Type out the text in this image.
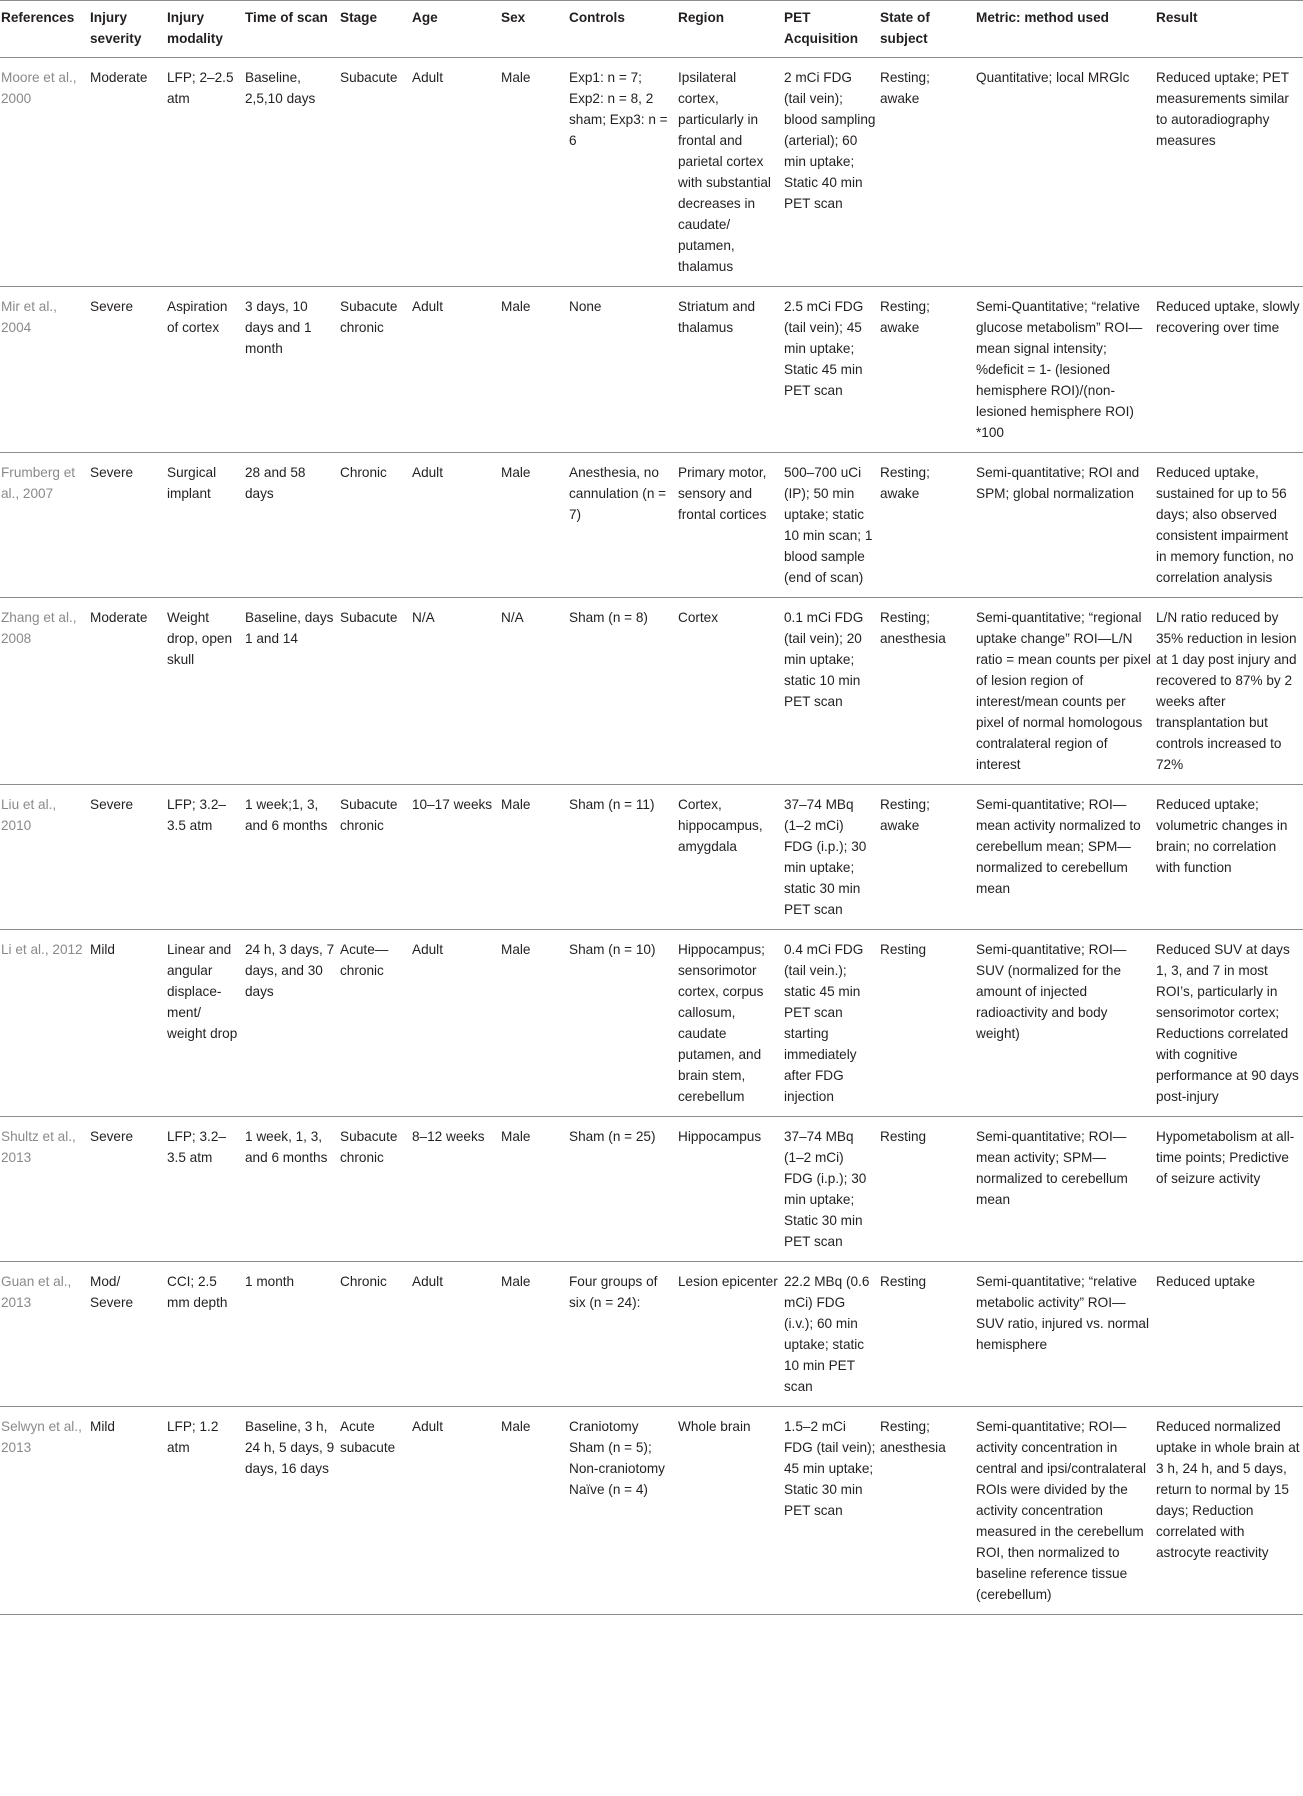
References	Injury severity	Injury modality	Time of scan	Stage	Age	Sex	Controls	Region	PET Acquisition	State of subject	Metric: method used	Result
Moore et al., 2000	Moderate	LFP; 2–2.5 atm	Baseline, 2,5,10 days	Subacute	Adult	Male	Exp1: n = 7; Exp2: n = 8, 2 sham; Exp3: n = 6	Ipsilateral cortex, particularly in frontal and parietal cortex with substantial decreases in caudate/ putamen, thalamus	2 mCi FDG (tail vein); blood sampling (arterial); 60 min uptake; Static 40 min PET scan	Resting; awake	Quantitative; local MRGlc	Reduced uptake; PET measurements similar to autoradiography measures
Mir et al., 2004	Severe	Aspiration of cortex	3 days, 10 days and 1 month	Subacute chronic	Adult	Male	None	Striatum and thalamus	2.5 mCi FDG (tail vein); 45 min uptake; Static 45 min PET scan	Resting; awake	Semi-Quantitative; “relative glucose metabolism” ROI—mean signal intensity; %deficit = 1- (lesioned hemisphere ROI)/(non-lesioned hemisphere ROI) *100	Reduced uptake, slowly recovering over time
Frumberg et al., 2007	Severe	Surgical implant	28 and 58 days	Chronic	Adult	Male	Anesthesia, no cannulation (n = 7)	Primary motor, sensory and frontal cortices	500–700 uCi (IP); 50 min uptake; static 10 min scan; 1 blood sample (end of scan)	Resting; awake	Semi-quantitative; ROI and SPM; global normalization	Reduced uptake, sustained for up to 56 days; also observed consistent impairment in memory function, no correlation analysis
Zhang et al., 2008	Moderate	Weight drop, open skull	Baseline, days 1 and 14	Subacute	N/A	N/A	Sham (n = 8)	Cortex	0.1 mCi FDG (tail vein); 20 min uptake; static 10 min PET scan	Resting; anesthesia	Semi-quantitative; “regional uptake change” ROI—L/N ratio = mean counts per pixel of lesion region of interest/mean counts per pixel of normal homologous contralateral region of interest	L/N ratio reduced by 35% reduction in lesion at 1 day post injury and recovered to 87% by 2 weeks after transplantation but controls increased to 72%
Liu et al., 2010	Severe	LFP; 3.2–3.5 atm	1 week;1, 3, and 6 months	Subacute chronic	10–17 weeks	Male	Sham (n = 11)	Cortex, hippocampus, amygdala	37–74 MBq (1–2 mCi) FDG (i.p.); 30 min uptake; static 30 min PET scan	Resting; awake	Semi-quantitative; ROI—mean activity normalized to cerebellum mean; SPM—normalized to cerebellum mean	Reduced uptake; volumetric changes in brain; no correlation with function
Li et al., 2012	Mild	Linear and angular displace-ment/ weight drop	24 h, 3 days, 7 days, and 30 days	Acute—chronic	Adult	Male	Sham (n = 10)	Hippocampus; sensorimotor cortex, corpus callosum, caudate putamen, and brain stem, cerebellum	0.4 mCi FDG (tail vein.); static 45 min PET scan starting immediately after FDG injection	Resting	Semi-quantitative; ROI—SUV (normalized for the amount of injected radioactivity and body weight)	Reduced SUV at days 1, 3, and 7 in most ROI’s, particularly in sensorimotor cortex; Reductions correlated with cognitive performance at 90 days post-injury
Shultz et al., 2013	Severe	LFP; 3.2–3.5 atm	1 week, 1, 3, and 6 months	Subacute chronic	8–12 weeks	Male	Sham (n = 25)	Hippocampus	37–74 MBq (1–2 mCi) FDG (i.p.); 30 min uptake; Static 30 min PET scan	Resting	Semi-quantitative; ROI—mean activity; SPM—normalized to cerebellum mean	Hypometabolism at all-time points; Predictive of seizure activity
Guan et al., 2013	Mod/ Severe	CCI; 2.5 mm depth	1 month	Chronic	Adult	Male	Four groups of six (n = 24):	Lesion epicenter	22.2 MBq (0.6 mCi) FDG (i.v.); 60 min uptake; static 10 min PET scan	Resting	Semi-quantitative; “relative metabolic activity” ROI—SUV ratio, injured vs. normal hemisphere	Reduced uptake
Selwyn et al., 2013	Mild	LFP; 1.2 atm	Baseline, 3 h, 24 h, 5 days, 9 days, 16 days	Acute subacute	Adult	Male	Craniotomy Sham (n = 5); Non-craniotomy Naïve (n = 4)	Whole brain	1.5–2 mCi FDG (tail vein); 45 min uptake; Static 30 min PET scan	Resting; anesthesia	Semi-quantitative; ROI—activity concentration in central and ipsi/contralateral ROIs were divided by the activity concentration measured in the cerebellum ROI, then normalized to baseline reference tissue (cerebellum)	Reduced normalized uptake in whole brain at 3 h, 24 h, and 5 days, return to normal by 15 days; Reduction correlated with astrocyte reactivity
